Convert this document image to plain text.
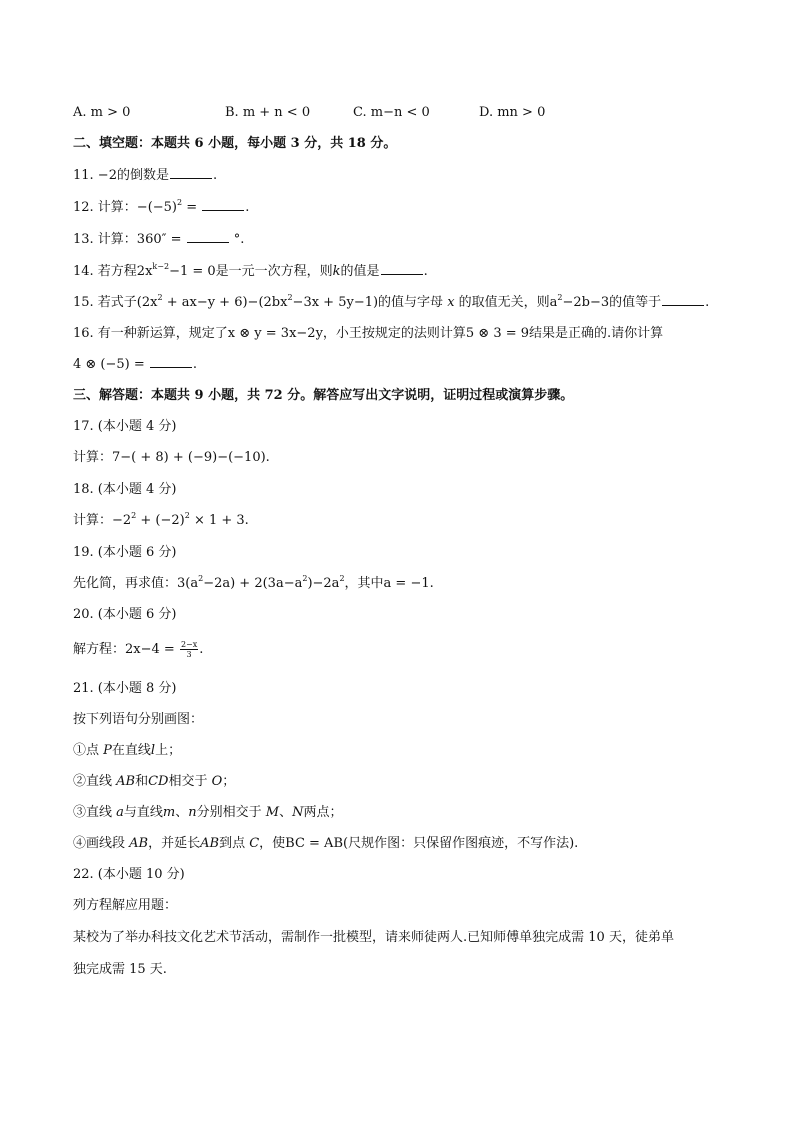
A. m > 0	B. m + n < 0	C. m−n < 0	D. mn > 0
二、填空题：本题共 6 小题，每小题 3 分，共 18 分。
11. −2的倒数是	.
12. 计算：$-(-5)^2$ =	.
13. 计算：360″ =	°.
14. 若方程$2x^{k-2}-1 = 0$是一元一次方程，则k的值是	.
15. 若式子$(2x^2 + ax-y + 6)-(2bx^2-3x + 5y-1)$的值与字母 x 的取值无关，则$a^2-2b-3$的值等于	.
16. 有一种新运算，规定了x ⊗ y = 3x−2y，小王按规定的法则计算5 ⊗ 3 = 9结果是正确的.请你计算
4 ⊗ (−5) =	.
三、解答题：本题共 9 小题，共 72 分。解答应写出文字说明，证明过程或演算步骤。
17. (本小题 4 分)
计算：7−( + 8) + (−9)−(−10).
18. (本小题 4 分)
计算：$-2^2 + (-2)^2 \times 1 + 3$.
19. (本小题 6 分)
先化简，再求值：$3(a^2-2a) + 2(3a-a^2)-2a^2$，其中a = −1.
20. (本小题 6 分)
解方程：$2x-4 = \frac{2-x}{3}$ .
21. (本小题 8 分)
按下列语句分别画图：
①点 P在直线l上；
②直线 AB和CD相交于 O；
③直线 a与直线m、n分别相交于 M、N两点；
④画线段 AB，并延长AB到点 C，使BC = AB(尺规作图：只保留作图痕迹，不写作法).
22. (本小题 10 分)
列方程解应用题：
某校为了举办科技文化艺术节活动，需制作一批模型，请来师徒两人.已知师傅单独完成需 10 天，徒弟单
独完成需 15 天.
